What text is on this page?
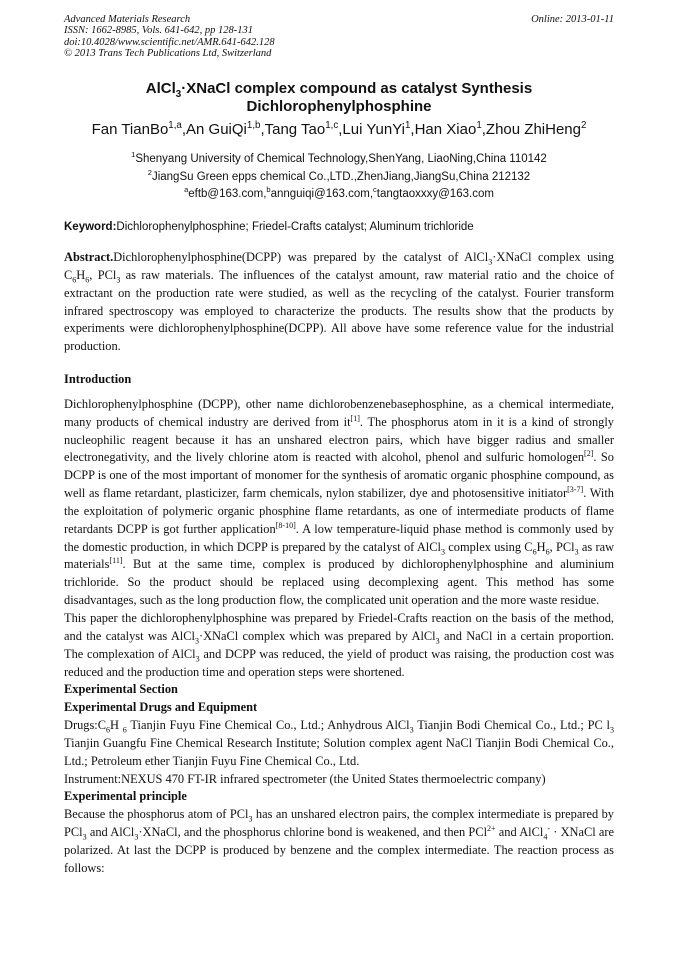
Advanced Materials Research
ISSN: 1662-8985, Vols. 641-642, pp 128-131
doi:10.4028/www.scientific.net/AMR.641-642.128
© 2013 Trans Tech Publications Ltd, Switzerland
Online: 2013-01-11
AlCl$_3$·XNaCl complex compound as catalyst Synthesis
Dichlorophenylphosphine
Fan TianBo$^{1,a}$,An GuiQi$^{1,b}$,Tang Tao$^{1,c}$,Lui YunYi$^1$,Han Xiao$^1$,Zhou ZhiHeng$^2$
$^1$Shenyang University of Chemical Technology,ShenYang, LiaoNing,China 110142
$^2$JiangSu Green epps chemical Co.,LTD.,ZhenJiang,JiangSu,China 212132
$^a$eftb@163.com,$^b$annguiqi@163.com,$^c$tangtaoxxxy@163.com
Keyword:Dichlorophenylphosphine; Friedel-Crafts catalyst; Aluminum trichloride
Abstract.Dichlorophenylphosphine(DCPP) was prepared by the catalyst of AlCl$_3$·XNaCl complex using $C_6H_6$, PCl$_3$ as raw materials. The influences of the catalyst amount, raw material ratio and the choice of extractant on the production rate were studied, as well as the recycling of the catalyst. Fourier transform infrared spectroscopy was employed to characterize the products. The results show that the products by experiments were dichlorophenylphosphine(DCPP). All above have some reference value for the industrial production.
Introduction

Dichlorophenylphosphine (DCPP), other name dichlorobenzenebasephosphine, as a chemical intermediate, many products of chemical industry are derived from it[1]. The phosphorus atom in it is a kind of strongly nucleophilic reagent because it has an unshared electron pairs, which have bigger radius and smaller electronegativity, and the lively chlorine atom is reacted with alcohol, phenol and sulfuric homologen[2]. So DCPP is one of the most important of monomer for the synthesis of aromatic organic phosphine compound, as well as flame retardant, plasticizer, farm chemicals, nylon stabilizer, dye and photosensitive initiator[3-7]. With the exploitation of polymeric organic phosphine flame retardants, as one of intermediate products of flame retardants DCPP is got further application[8-10]. A low temperature-liquid phase method is commonly used by the domestic production, in which DCPP is prepared by the catalyst of AlCl$_3$ complex using $C_6H_6$, PCl$_3$ as raw materials[11]. But at the same time, complex is produced by dichlorophenylphosphine and aluminium trichloride. So the product should be replaced using decomplexing agent. This method has some disadvantages, such as the long production flow, the complicated unit operation and the more waste residue.

This paper the dichlorophenylphosphine was prepared by Friedel-Crafts reaction on the basis of the method, and the catalyst was AlCl$_3$·XNaCl complex which was prepared by AlCl$_3$ and NaCl in a certain proportion. The complexation of AlCl$_3$ and DCPP was reduced, the yield of product was raising, the production cost was reduced and the production time and operation steps were shortened.

Experimental Section

Experimental Drugs and Equipment

$Drugs:C_6H$ $_6$ Tianjin Fuyu Fine Chemical Co., Ltd.; Anhydrous AlCl$_3$ Tianjin Bodi Chemical Co., Ltd.; PC $l_3$ Tianjin Guangfu Fine Chemical Research Institute; Solution complex agent NaCl Tianjin Bodi Chemical Co., Ltd.; Petroleum ether Tianjin Fuyu Fine Chemical Co., Ltd.

Instrument:NEXUS 470 FT-IR infrared spectrometer (the United States thermoelectric company)

Experimental principle

Because the phosphorus atom of PCl$_3$ has an unshared electron pairs, the complex intermediate is prepared by PCl$_3$ and AlCl$_3$·XNaCl, and the phosphorus chlorine bond is weakened, and then PCl$^{2+}$ and AlCl$_4$- · XNaCl are polarized. At last the DCPP is produced by benzene and the complex intermediate. The reaction process as follows:
